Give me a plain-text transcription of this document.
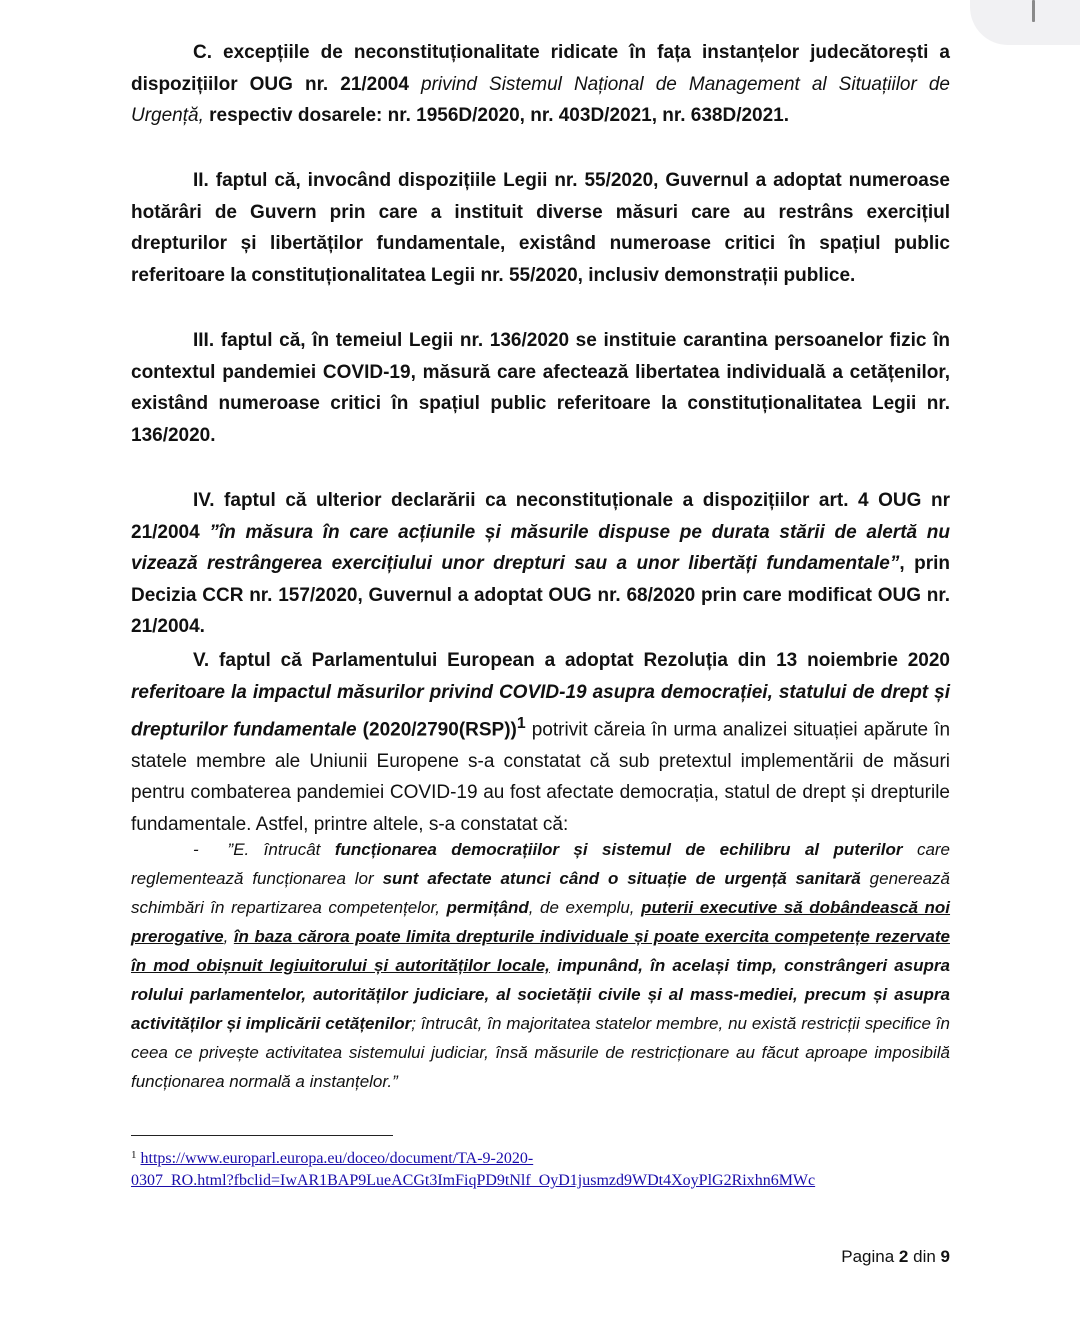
C. excepțiile de neconstituționalitate ridicate în fața instanțelor judecătorești a dispozițiilor OUG nr. 21/2004 privind Sistemul Național de Management al Situațiilor de Urgență, respectiv dosarele: nr. 1956D/2020, nr. 403D/2021, nr. 638D/2021.

II. faptul că, invocând dispozițiile Legii nr. 55/2020, Guvernul a adoptat numeroase hotărâri de Guvern prin care a instituit diverse măsuri care au restrâns exercițiul drepturilor și libertăților fundamentale, existând numeroase critici în spațiul public referitoare la constituționalitatea Legii nr. 55/2020, inclusiv demonstrații publice.

III. faptul că, în temeiul Legii nr. 136/2020 se instituie carantina persoanelor fizic în contextul pandemiei COVID-19, măsură care afectează libertatea individuală a cetățenilor, existând numeroase critici în spațiul public referitoare la constituționalitatea Legii nr. 136/2020.

IV. faptul că ulterior declarării ca neconstituționale a dispozițiilor art. 4 OUG nr 21/2004 ”în măsura în care acțiunile și măsurile dispuse pe durata stării de alertă nu vizează restrângerea exercițiului unor drepturi sau a unor libertăți fundamentale”, prin Decizia CCR nr. 157/2020, Guvernul a adoptat OUG nr. 68/2020 prin care modificat OUG nr. 21/2004.

V. faptul că Parlamentului European a adoptat Rezoluția din 13 noiembrie 2020 referitoare la impactul măsurilor privind COVID-19 asupra democrației, statului de drept și drepturilor fundamentale $(2020/2790(RSP))^1$ potrivit căreia în urma analizei situației apărute în statele membre ale Uniunii Europene s-a constatat că sub pretextul implementării de măsuri pentru combaterea pandemiei COVID-19 au fost afectate democrația, statul de drept și drepturile fundamentale. Astfel, printre altele, s-a constatat că:

- ”E. întrucât funcționarea democrațiilor și sistemul de echilibru al puterilor care reglementează funcționarea lor sunt afectate atunci când o situație de urgență sanitară generează schimbări în repartizarea competențelor, permițând, de exemplu, puterii executive să dobândească noi prerogative, în baza cărora poate limita drepturile individuale și poate exercita competențe rezervate în mod obișnuit legiuitorului și autorităților locale, impunând, în același timp, constrângeri asupra rolului parlamentelor, autorităților judiciare, al societății civile și al mass-mediei, precum și asupra activităților și implicării cetățenilor; întrucât, în majoritatea statelor membre, nu există restricții specifice în ceea ce privește activitatea sistemului judiciar, însă măsurile de restricționare au făcut aproape imposibilă funcționarea normală a instanțelor.”

$^1$ https://www.europarl.europa.eu/doceo/document/TA-9-2020-
0307_RO.html?fbclid=IwAR1BAP9LueACGt3ImFiqPD9tNlf_OyD1jusmzd9WDt4XoyPlG2Rixhn6MWc
Pagina 2 din 9
